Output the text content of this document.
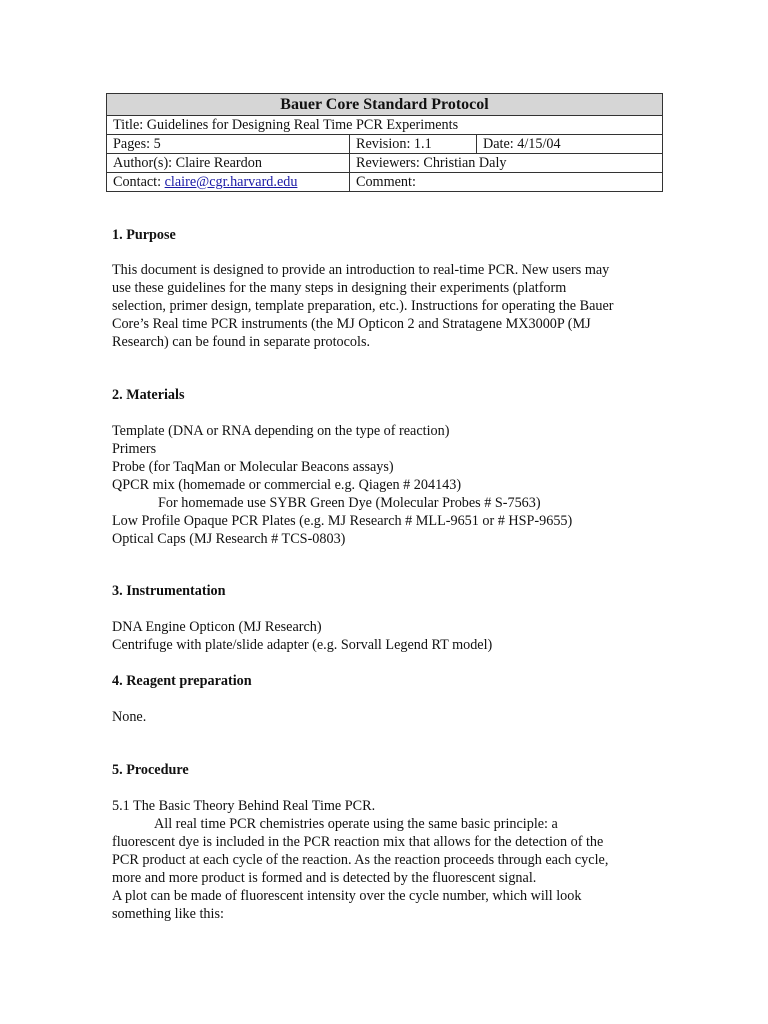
Bauer Core Standard Protocol		
Title: Guidelines for Designing Real Time PCR Experiments		
Pages: 5	Revision: 1.1	Date: 4/15/04
Author(s): Claire Reardon	Reviewers: Christian Daly	
Contact: claire@cgr.harvard.edu	Comment:	

1. Purpose

This document is designed to provide an introduction to real-time PCR. New users may

use these guidelines for the many steps in designing their experiments (platform

selection, primer design, template preparation, etc.). Instructions for operating the Bauer

Core’s Real time PCR instruments (the MJ Opticon 2 and Stratagene MX3000P (MJ

Research) can be found in separate protocols.

2. Materials

Template (DNA or RNA depending on the type of reaction)

Primers

Probe (for TaqMan or Molecular Beacons assays)

QPCR mix (homemade or commercial e.g. Qiagen # 204143)

For homemade use SYBR Green Dye (Molecular Probes # S-7563)

Low Profile Opaque PCR Plates (e.g. MJ Research # MLL-9651 or # HSP-9655)

Optical Caps (MJ Research # TCS-0803)

3. Instrumentation

DNA Engine Opticon (MJ Research)

Centrifuge with plate/slide adapter (e.g. Sorvall Legend RT model)

4. Reagent preparation

None.

5. Procedure

5.1 The Basic Theory Behind Real Time PCR.

All real time PCR chemistries operate using the same basic principle: a

fluorescent dye is included in the PCR reaction mix that allows for the detection of the

PCR product at each cycle of the reaction. As the reaction proceeds through each cycle,

more and more product is formed and is detected by the fluorescent signal.

A plot can be made of fluorescent intensity over the cycle number, which will look

something like this:
